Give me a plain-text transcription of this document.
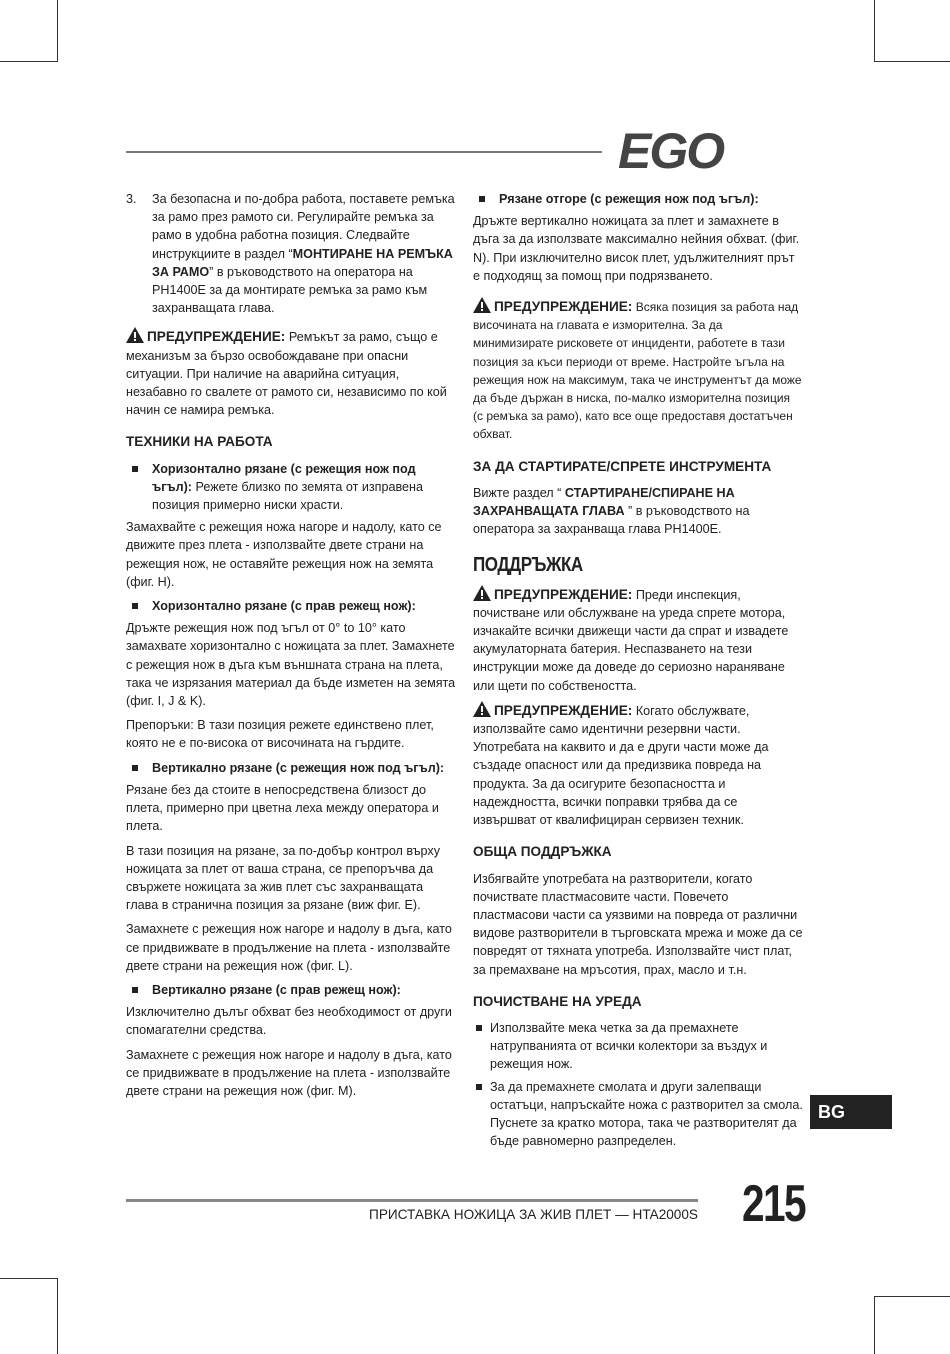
EGO
3.	За безопасна и по-добра работа, поставете ремъка за рамо през рамото си. Регулирайте ремъка за рамо в удобна работна позиция. Следвайте инструкциите в раздел “МОНТИРАНЕ НА РЕМЪКА ЗА РАМО” в ръководството на оператора на PH1400E за да монтирате ремъка за рамо към захранващата глава.

ПРЕДУПРЕЖДЕНИЕ: Ремъкът за рамо, също е механизъм за бързо освобождаване при опасни ситуации. При наличие на аварийна ситуация, незабавно го свалете от рамото си, независимо по кой начин се намира ремъка.

ТЕХНИКИ НА РАБОТА
Хоризонтално рязане (с режещия нож под ъгъл): Режете близко по земята от изправена позиция примерно ниски храсти.

Замахвайте с режещия ножа нагоре и надолу, като се движите през плета - използвайте двете страни на режещия нож, не оставяйте режещия нож на земята (фиг. H).

Хоризонтално рязане (с прав режещ нож):

Дръжте режещия нож под ъгъл от 0° to 10° като замахвате хоризонтално с ножицата за плет. Замахнете с режещия нож в дъга към външната страна на плета, така че изрязания материал да бъде изметен на земята (фиг. I, J & K).

Препоръки: В тази позиция режете единствено плет, която не е по-висока от височината на гърдите.

Вертикално рязане (с режещия нож под ъгъл):

Рязане без да стоите в непосредствена близост до плета, примерно при цветна леха между оператора и плета.

В тази позиция на рязане, за по-добър контрол върху ножицата за плет от ваша страна, се препоръчва да свържете ножицата за жив плет със захранващата глава в странична позиция за рязане (виж фиг. E).

Замахнете с режещия нож нагоре и надолу в дъга, като се придвижвате в продължение на плета - използвайте двете страни на режещия нож (фиг. L).

Вертикално рязане (с прав режещ нож):

Изключително дълъг обхват без необходимост от други спомагателни средства.

Замахнете с режещия нож нагоре и надолу в дъга, като се придвижвате в продължение на плета - използвайте двете страни на режещия нож (фиг. M).

Рязане отгоре (с режещия нож под ъгъл):

Дръжте вертикално ножицата за плет и замахнете в дъга за да използвате максимално нейния обхват. (фиг. N). При изключително висок плет, удължителният прът е подходящ за помощ при подрязването.

ПРЕДУПРЕЖДЕНИЕ: Всяка позиция за работа над височината на главата е изморителна. За да минимизирате рисковете от инциденти, работете в тази позиция за къси периоди от време. Настройте ъгъла на режещия нож на максимум, така че инструментът да може да бъде държан в ниска, по-малко изморителна позиция (с ремъка за рамо), като все още предоставя достатъчен обхват.

ЗА ДА СТАРТИРАТЕ/СПРЕТЕ ИНСТРУМЕНТА

Вижте раздел “ СТАРТИРАНЕ/СПИРАНЕ НА ЗАХРАНВАЩАТА ГЛАВА ” в ръководството на оператора за захранваща глава PH1400E.

ПОДДРЪЖКА

ПРЕДУПРЕЖДЕНИЕ: Преди инспекция, почистване или обслужване на уреда спрете мотора, изчакайте всички движещи части да спрат и извадете акумулаторната батерия. Неспазването на тези инструкции може да доведе до сериозно нараняване или щети по собствеността.

ПРЕДУПРЕЖДЕНИЕ: Когато обслужвате, използвайте само идентични резервни части. Употребата на каквито и да е други части може да създаде опасност или да предизвика повреда на продукта. За да осигурите безопасността и надеждността, всички поправки трябва да се извършват от квалифициран сервизен техник.

ОБЩА ПОДДРЪЖКА

Избягвайте употребата на разтворители, когато почиствате пластмасовите части. Повечето пластмасови части са уязвими на повреда от различни видове разтворители в търговската мрежа и може да се повредят от тяхната употреба. Използвайте чист плат, за премахване на мръсотия, прах, масло и т.н.

ПОЧИСТВАНЕ НА УРЕДА
Използвайте мека четка за да премахнете натрупванията от всички колектори за въздух и режещия нож.
За да премахнете смолата и други залепващи остатъци, напръскайте ножа с разтворител за смола. Пуснете за кратко мотора, така че разтворителят да бъде равномерно разпределен.
BG
ПРИСТАВКА НОЖИЦА ЗА ЖИВ ПЛЕТ — HTA2000S 215
